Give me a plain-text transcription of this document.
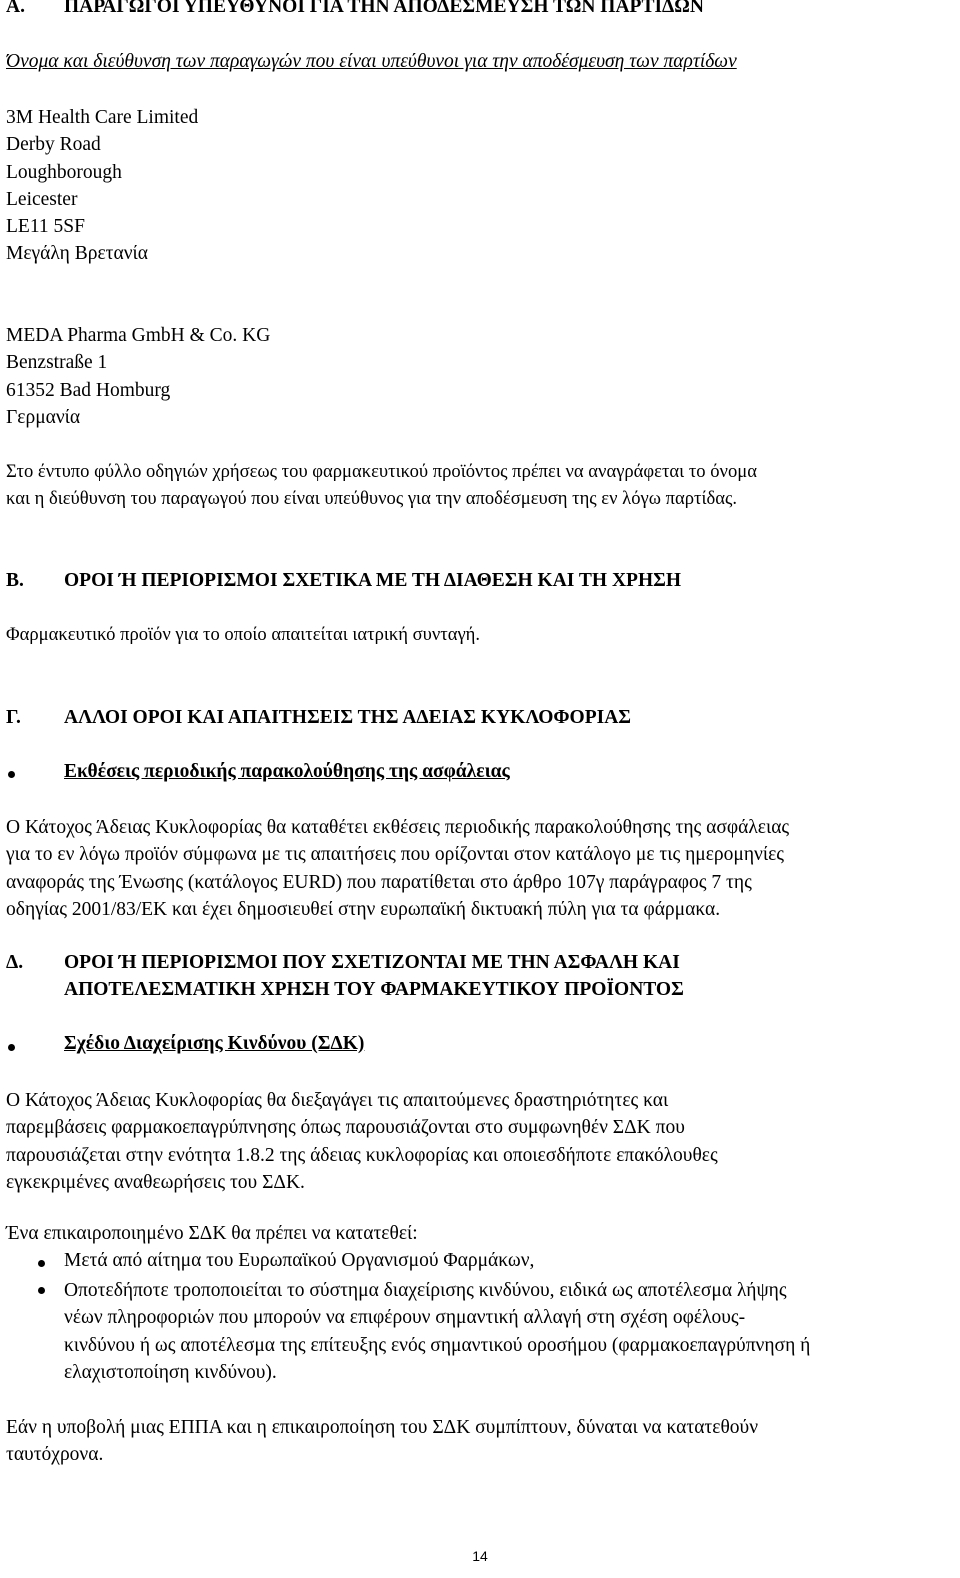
A. ΠΑΡΑΓΩΓΟΙ ΥΠΕΥΘΥΝΟΙ ΓΙΑ ΤΗΝ ΑΠΟΔΕΣΜΕΥΣΗ ΤΩΝ ΠΑΡΤΙΔΩΝ
Όνομα και διεύθυνση των παραγωγών που είναι υπεύθυνοι για την αποδέσμευση των παρτίδων
3M Health Care Limited
Derby Road
Loughborough
Leicester
LE11 5SF
Μεγάλη Βρετανία
MEDA Pharma GmbH & Co. KG
Benzstraße 1
61352 Bad Homburg
Γερμανία
Στο έντυπο φύλλο οδηγιών χρήσεως του φαρμακευτικού προϊόντος πρέπει να αναγράφεται το όνομα
και η διεύθυνση του παραγωγού που είναι υπεύθυνος για την αποδέσμευση της εν λόγω παρτίδας.
B. ΟΡΟΙ Ή ΠΕΡΙΟΡΙΣΜΟΙ ΣΧΕΤΙΚΑ ΜΕ ΤΗ ΔΙΑΘΕΣΗ ΚΑΙ ΤΗ ΧΡΗΣΗ
Φαρμακευτικό προϊόν για το οποίο απαιτείται ιατρική συνταγή.
Γ. ΑΛΛΟΙ ΟΡΟΙ ΚΑΙ ΑΠΑΙΤΗΣΕΙΣ ΤΗΣ ΑΔΕΙΑΣ ΚΥΚΛΟΦΟΡΙΑΣ
Εκθέσεις περιοδικής παρακολούθησης της ασφάλειας
Ο Κάτοχος Άδειας Κυκλοφορίας θα καταθέτει εκθέσεις περιοδικής παρακολούθησης της ασφάλειας
για το εν λόγω προϊόν σύμφωνα με τις απαιτήσεις που ορίζονται στον κατάλογο με τις ημερομηνίες
αναφοράς της Ένωσης (κατάλογος EURD) που παρατίθεται στο άρθρο 107γ παράγραφος 7 της
οδηγίας 2001/83/ΕΚ και έχει δημοσιευθεί στην ευρωπαϊκή δικτυακή πύλη για τα φάρμακα.
Δ. ΟΡΟΙ Ή ΠΕΡΙΟΡΙΣΜΟΙ ΠΟΥ ΣΧΕΤΙΖΟΝΤΑΙ ΜΕ ΤΗΝ ΑΣΦΑΛΗ ΚΑΙ
ΑΠΟΤΕΛΕΣΜΑΤΙΚΗ ΧΡΗΣΗ ΤΟΥ ΦΑΡΜΑΚΕΥΤΙΚΟΥ ΠΡΟΪΟΝΤΟΣ
Σχέδιο Διαχείρισης Κινδύνου (ΣΔΚ)
Ο Κάτοχος Άδειας Κυκλοφορίας θα διεξαγάγει τις απαιτούμενες δραστηριότητες και
παρεμβάσεις φαρμακοεπαγρύπνησης όπως παρουσιάζονται στο συμφωνηθέν ΣΔΚ που
παρουσιάζεται στην ενότητα 1.8.2 της άδειας κυκλοφορίας και οποιεσδήποτε επακόλουθες
εγκεκριμένες αναθεωρήσεις του ΣΔΚ.
Ένα επικαιροποιημένο ΣΔΚ θα πρέπει να κατατεθεί:
Μετά από αίτημα του Ευρωπαϊκού Οργανισμού Φαρμάκων,
Οποτεδήποτε τροποποιείται το σύστημα διαχείρισης κινδύνου, ειδικά ως αποτέλεσμα λήψης
νέων πληροφοριών που μπορούν να επιφέρουν σημαντική αλλαγή στη σχέση οφέλους-
κινδύνου ή ως αποτέλεσμα της επίτευξης ενός σημαντικού οροσήμου (φαρμακοεπαγρύπνηση ή
ελαχιστοποίηση κινδύνου).
Εάν η υποβολή μιας ΕΠΠΑ και η επικαιροποίηση του ΣΔΚ συμπίπτουν, δύναται να κατατεθούν
ταυτόχρονα.
14
